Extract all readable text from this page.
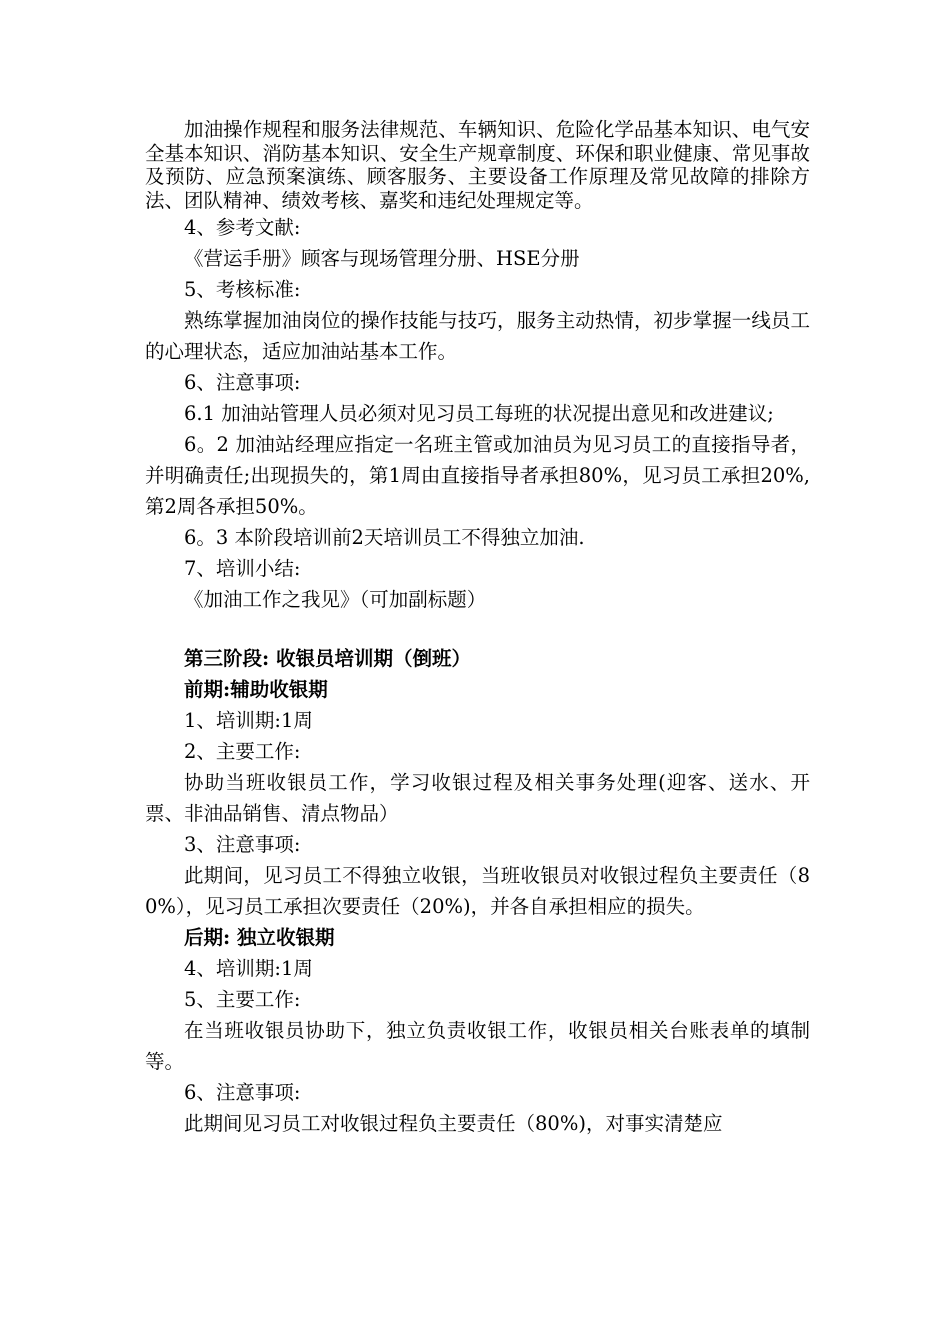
加油操作规程和服务法律规范、车辆知识、危险化学品基本知识、电气安全基本知识、消防基本知识、安全生产规章制度、环保和职业健康、常见事故及预防、应急预案演练、顾客服务、主要设备工作原理及常见故障的排除方法、团队精神、绩效考核、嘉奖和违纪处理规定等。

4、参考文献:

《营运手册》顾客与现场管理分册、HSE分册

5、考核标准:

熟练掌握加油岗位的操作技能与技巧，服务主动热情，初步掌握一线员工的心理状态，适应加油站基本工作。

6、注意事项:

6.1 加油站管理人员必须对见习员工每班的状况提出意见和改进建议;

6。2 加油站经理应指定一名班主管或加油员为见习员工的直接指导者，并明确责任;出现损失的，第1周由直接指导者承担80%，见习员工承担20%,第2周各承担50%。

6。3 本阶段培训前2天培训员工不得独立加油.

7、培训小结:

《加油工作之我见》（可加副标题）

第三阶段: 收银员培训期（倒班）

前期:辅助收银期

1、培训期:1周

2、主要工作:

协助当班收银员工作，学习收银过程及相关事务处理(迎客、送水、开票、非油品销售、清点物品）

3、注意事项:

此期间，见习员工不得独立收银，当班收银员对收银过程负主要责任（80%），见习员工承担次要责任（20%)，并各自承担相应的损失。

后期: 独立收银期

4、培训期:1周

5、主要工作:

在当班收银员协助下，独立负责收银工作，收银员相关台账表单的填制等。

6、注意事项:

此期间见习员工对收银过程负主要责任（80%)，对事实清楚应
